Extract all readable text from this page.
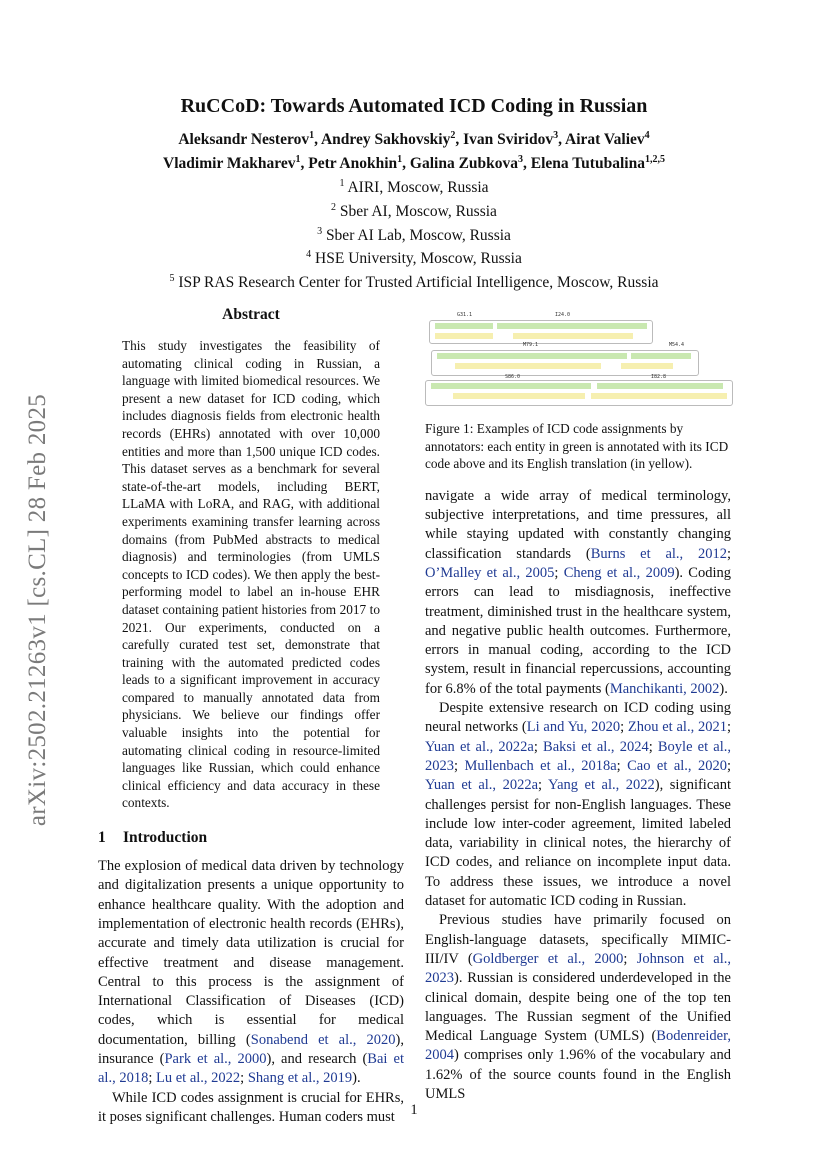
arXiv:2502.21263v1 [cs.CL] 28 Feb 2025
RuCCoD: Towards Automated ICD Coding in Russian
Aleksandr Nesterov$^1$, Andrey Sakhovskiy$^2$, Ivan Sviridov$^3$, Airat Valiev$^4$
Vladimir Makharev$^1$, Petr Anokhin$^1$, Galina Zubkova$^3$, Elena Tutubalina$^{1,2,5}$
$^1$ AIRI, Moscow, Russia
$^2$ Sber AI, Moscow, Russia
$^3$ Sber AI Lab, Moscow, Russia
$^4$ HSE University, Moscow, Russia
$^5$ ISP RAS Research Center for Trusted Artificial Intelligence, Moscow, Russia
Abstract

This study investigates the feasibility of automating clinical coding in Russian, a language with limited biomedical resources. We present a new dataset for ICD coding, which includes diagnosis fields from electronic health records (EHRs) annotated with over 10,000 entities and more than 1,500 unique ICD codes. This dataset serves as a benchmark for several state-of-the-art models, including BERT, LLaMA with LoRA, and RAG, with additional experiments examining transfer learning across domains (from PubMed abstracts to medical diagnosis) and terminologies (from UMLS concepts to ICD codes). We then apply the best-performing model to label an in-house EHR dataset containing patient histories from 2017 to 2021. Our experiments, conducted on a carefully curated test set, demonstrate that training with the automated predicted codes leads to a significant improvement in accuracy compared to manually annotated data from physicians. We believe our findings offer valuable insights into the potential for automating clinical coding in resource-limited languages like Russian, which could enhance clinical efficiency and data accuracy in these contexts.

1 Introduction

The explosion of medical data driven by technology and digitalization presents a unique opportunity to enhance healthcare quality. With the adoption and implementation of electronic health records (EHRs), accurate and timely data utilization is crucial for effective treatment and disease management. Central to this process is the assignment of International Classification of Diseases (ICD) codes, which is essential for medical documentation, billing (Sonabend et al., 2020), insurance (Park et al., 2000), and research (Bai et al., 2018; Lu et al., 2022; Shang et al., 2019).

While ICD codes assignment is crucial for EHRs, it poses significant challenges. Human coders must

G31.1	I24.0
M79.1	M54.4
S86.0	I82.8
Figure 1: Examples of ICD code assignments by annotators: each entity in green is annotated with its ICD code above and its English translation (in yellow).

navigate a wide array of medical terminology, subjective interpretations, and time pressures, all while staying updated with constantly changing classification standards (Burns et al., 2012; O’Malley et al., 2005; Cheng et al., 2009). Coding errors can lead to misdiagnosis, ineffective treatment, diminished trust in the healthcare system, and negative public health outcomes. Furthermore, errors in manual coding, according to the ICD system, result in financial repercussions, accounting for 6.8% of the total payments (Manchikanti, 2002).

Despite extensive research on ICD coding using neural networks (Li and Yu, 2020; Zhou et al., 2021; Yuan et al., 2022a; Baksi et al., 2024; Boyle et al., 2023; Mullenbach et al., 2018a; Cao et al., 2020; Yuan et al., 2022a; Yang et al., 2022), significant challenges persist for non-English languages. These include low inter-coder agreement, limited labeled data, variability in clinical notes, the hierarchy of ICD codes, and reliance on incomplete input data. To address these issues, we introduce a novel dataset for automatic ICD coding in Russian.

Previous studies have primarily focused on English-language datasets, specifically MIMIC-III/IV (Goldberger et al., 2000; Johnson et al., 2023). Russian is considered underdeveloped in the clinical domain, despite being one of the top ten languages. The Russian segment of the Unified Medical Language System (UMLS) (Bodenreider, 2004) comprises only 1.96% of the vocabulary and 1.62% of the source counts found in the English UMLS

1
